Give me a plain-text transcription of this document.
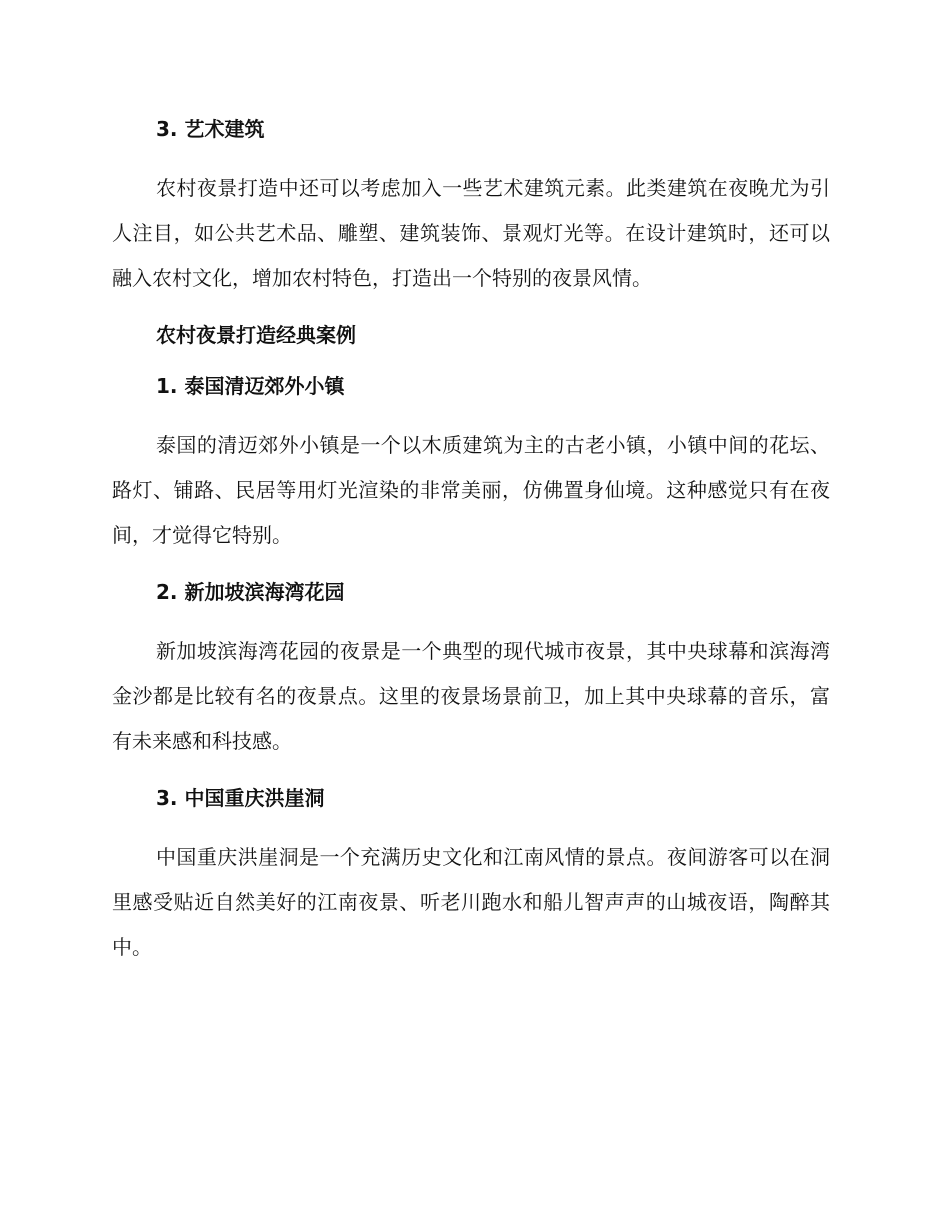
3. 艺术建筑

农村夜景打造中还可以考虑加入一些艺术建筑元素。此类建筑在夜晚尤为引人注目，如公共艺术品、雕塑、建筑装饰、景观灯光等。在设计建筑时，还可以融入农村文化，增加农村特色，打造出一个特别的夜景风情。

农村夜景打造经典案例
1. 泰国清迈郊外小镇

泰国的清迈郊外小镇是一个以木质建筑为主的古老小镇，小镇中间的花坛、路灯、铺路、民居等用灯光渲染的非常美丽，仿佛置身仙境。这种感觉只有在夜间，才觉得它特别。

2. 新加坡滨海湾花园

新加坡滨海湾花园的夜景是一个典型的现代城市夜景，其中央球幕和滨海湾金沙都是比较有名的夜景点。这里的夜景场景前卫，加上其中央球幕的音乐，富有未来感和科技感。

3. 中国重庆洪崖洞

中国重庆洪崖洞是一个充满历史文化和江南风情的景点。夜间游客可以在洞里感受贴近自然美好的江南夜景、听老川跑水和船儿智声声的山城夜语，陶醉其中。
